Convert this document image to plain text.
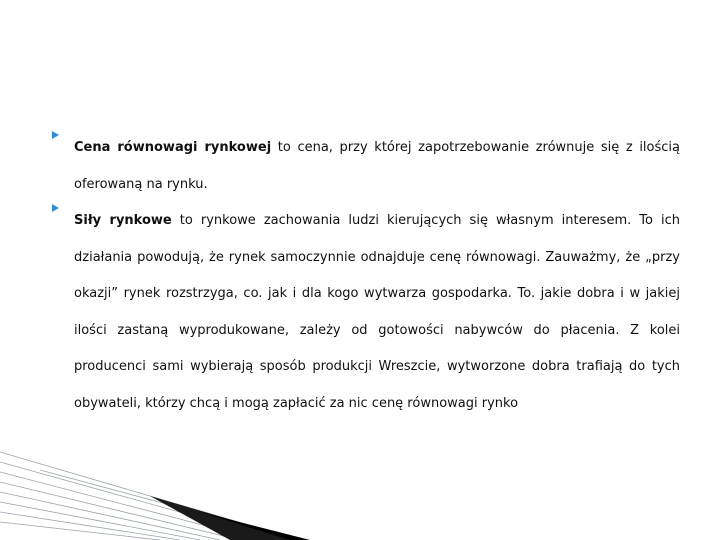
Cena równowagi rynkowej to cena, przy której zapotrzebowanie zrównuje się z ilością oferowaną na rynku.
Siły rynkowe to rynkowe zachowania ludzi kierujących się własnym interesem. To ich działania powodują, że rynek samoczynnie odnajduje cenę równowagi. Zauważmy, że „przy okazji” rynek rozstrzyga, co. jak i dla kogo wytwarza gospodarka. To. jakie dobra i w jakiej ilości zastaną wyprodukowane, zależy od gotowości nabywców do płacenia. Z kolei producenci sami wybierają sposób produkcji Wreszcie, wytworzone dobra trafiają do tych obywateli, którzy chcą i mogą zapłacić za nic cenę równowagi rynko
